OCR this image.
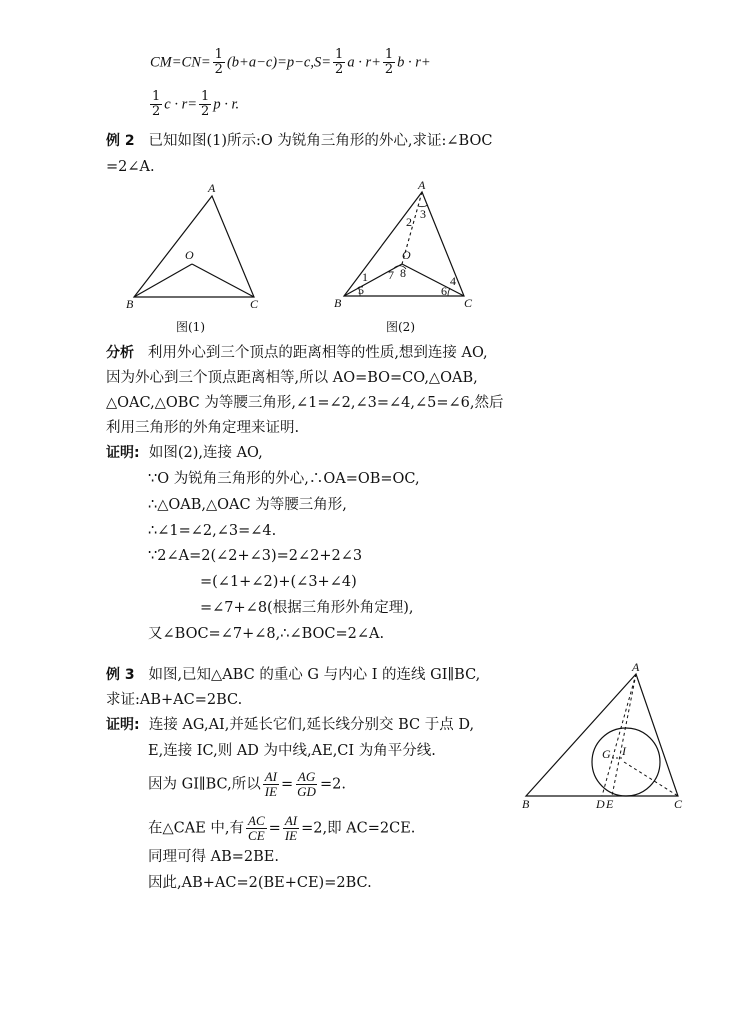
$CM=CN= \frac{1}{2} (b+a-c)=p-c,S= \frac{1}{2}$ $a \cdot r+ \frac{1}{2}$ b · r+
$\frac{1}{2}$ $c \cdot r= \frac{1}{2}$ p · r.
例 2 已知如图(1)所示:O 为锐角三角形的外心,求证:∠BOC
=2∠A.
A
B	C
O
图(1)
A
B	C
O
1
2
3
4
5	6
7 8
图(2)
分析 利用外心到三个顶点的距离相等的性质,想到连接 AO,
因为外心到三个顶点距离相等,所以 AO=BO=CO,△OAB,
△OAC,△OBC 为等腰三角形,∠1=∠2,∠3=∠4,∠5=∠6,然后
利用三角形的外角定理来证明.
证明: 如图(2),连接 AO,
∵O 为锐角三角形的外心,∴OA=OB=OC,
∴△OAB,△OAC 为等腰三角形,
∴∠1=∠2,∠3=∠4.
∵2∠A=2(∠2+∠3)=2∠2+2∠3
=(∠1+∠2)+(∠3+∠4)
=∠7+∠8(根据三角形外角定理),
又∠BOC=∠7+∠8,∴∠BOC=2∠A.
例 3 如图,已知△ABC 的重心 G 与内心 I 的连线 GI∥BC,
求证:AB+AC=2BC.
证明: 连接 AG,AI,并延长它们,延长线分别交 BC 于点 D,
E,连接 IC,则 AD 为中线,AE,CI 为角平分线.
因为 GI∥BC,所以 $\frac{AI}{IE} = \frac{AG}{GD} =2$.
在△CAE 中,有 $\frac{AC}{CE} = \frac{AI}{IE} =2$,即 AC=2CE.
同理可得 AB=2BE.
因此,AB+AC=2(BE+CE)=2BC.
A
B	C
D E
G I
